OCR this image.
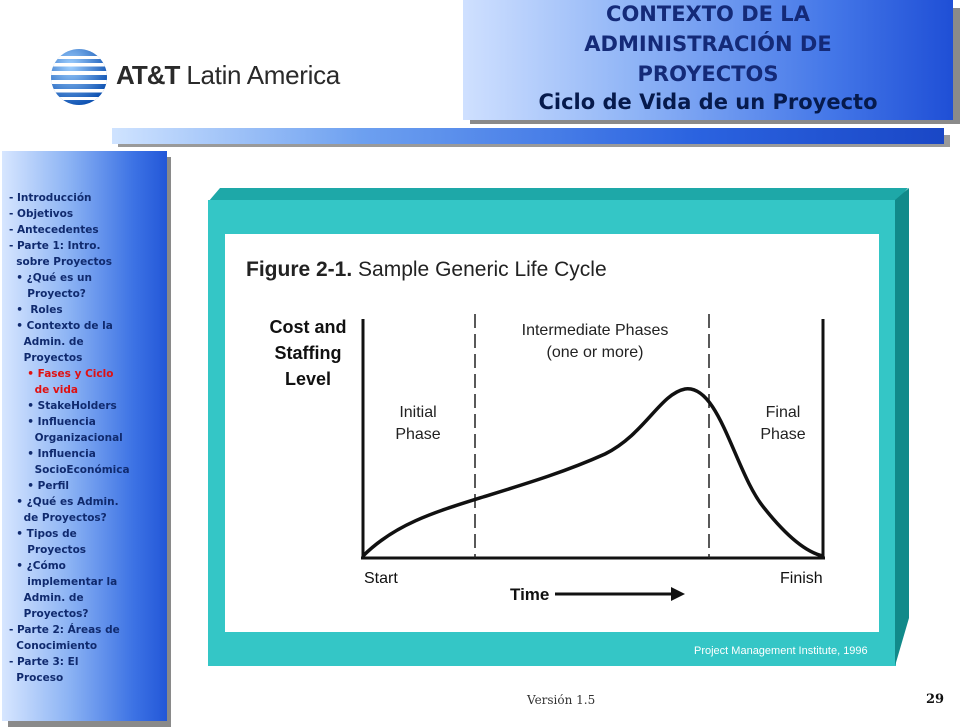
AT&T Latin America
CONTEXTO DE LA
ADMINISTRACIÓN DE
PROYECTOS
Ciclo de Vida de un Proyecto
- Introducción
- Objetivos
- Antecedentes
- Parte 1: Intro.
sobre Proyectos
• ¿Qué es un
Proyecto?
•  Roles
• Contexto de la
Admin. de
Proyectos
• Fases y Ciclo
de vida
• StakeHolders
• Influencia
Organizacional
• Influencia
SocioEconómica
• Perfil
• ¿Qué es Admin.
de Proyectos?
• Tipos de
Proyectos
• ¿Cómo
implementar la
Admin. de
Proyectos?
- Parte 2: Áreas de
Conocimiento
- Parte 3: El
Proceso
Figure 2-1. Sample Generic Life Cycle
Cost and
Staffing
Level
Initial
Phase
Intermediate Phases
(one or more)
Final
Phase
Start	Finish
Time
Project Management Institute, 1996
Versión 1.5	29
